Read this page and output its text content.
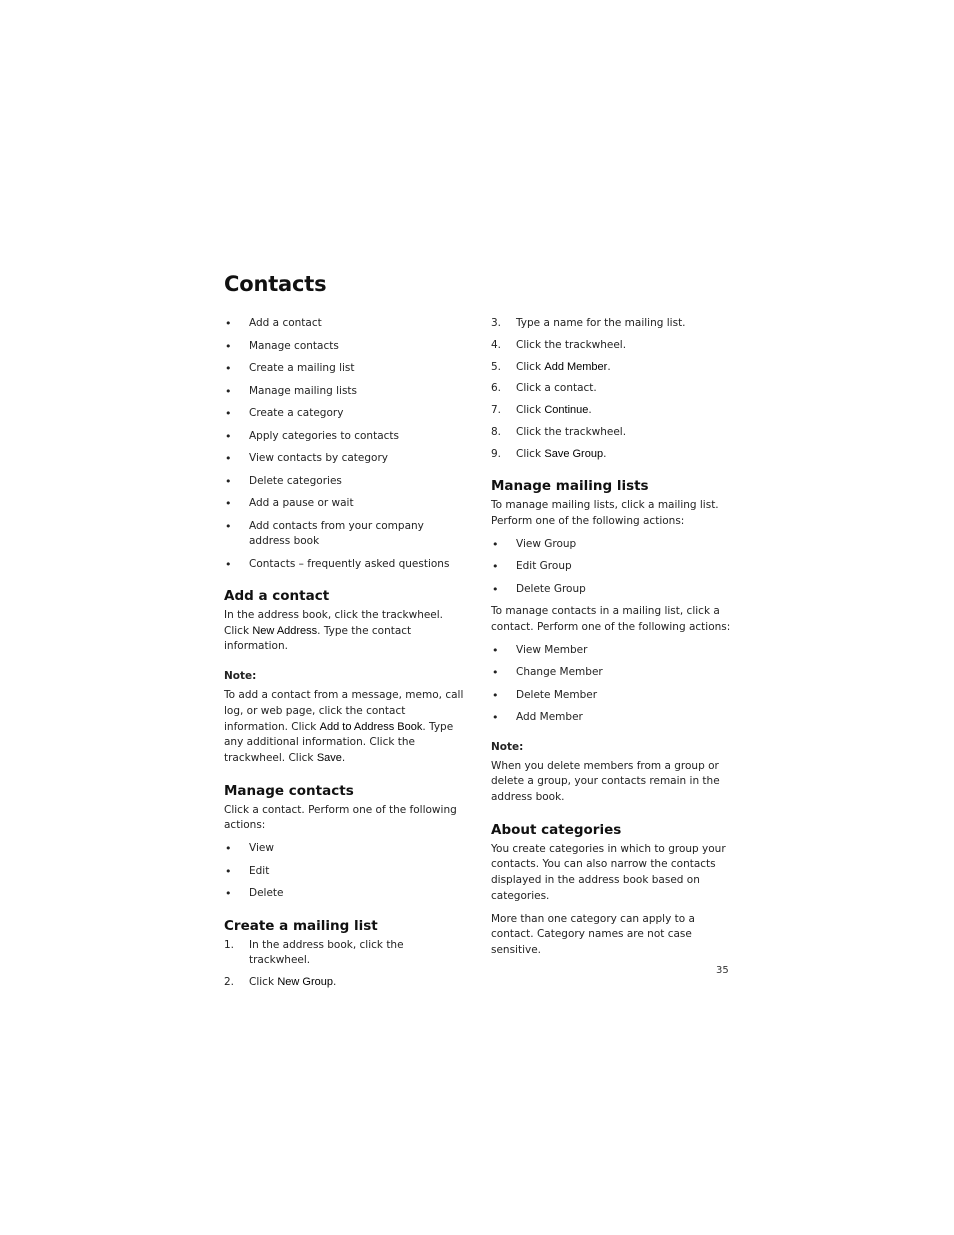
Contacts
• Add a contact
• Manage contacts
• Create a mailing list
• Manage mailing lists
• Create a category
• Apply categories to contacts
• View contacts by category
• Delete categories
• Add a pause or wait
• Add contacts from your company address book
• Contacts – frequently asked questions
Add a contact

In the address book, click the trackwheel. Click New Address. Type the contact information.

Note:

To add a contact from a message, memo, call log, or web page, click the contact information. Click Add to Address Book. Type any additional information. Click the trackwheel. Click Save.

Manage contacts

Click a contact. Perform one of the following actions:

• View
• Edit
• Delete
Create a mailing list
1. In the address book, click the trackwheel.
2. Click New Group.
3. Type a name for the mailing list.
4. Click the trackwheel.
5. Click Add Member.
6. Click a contact.
7. Click Continue.
8. Click the trackwheel.
9. Click Save Group.
Manage mailing lists

To manage mailing lists, click a mailing list. Perform one of the following actions:

• View Group
• Edit Group
• Delete Group

To manage contacts in a mailing list, click a contact. Perform one of the following actions:

• View Member
• Change Member
• Delete Member
• Add Member
Note:

When you delete members from a group or delete a group, your contacts remain in the address book.

About categories

You create categories in which to group your contacts. You can also narrow the contacts displayed in the address book based on categories.

More than one category can apply to a contact. Category names are not case sensitive.

35
